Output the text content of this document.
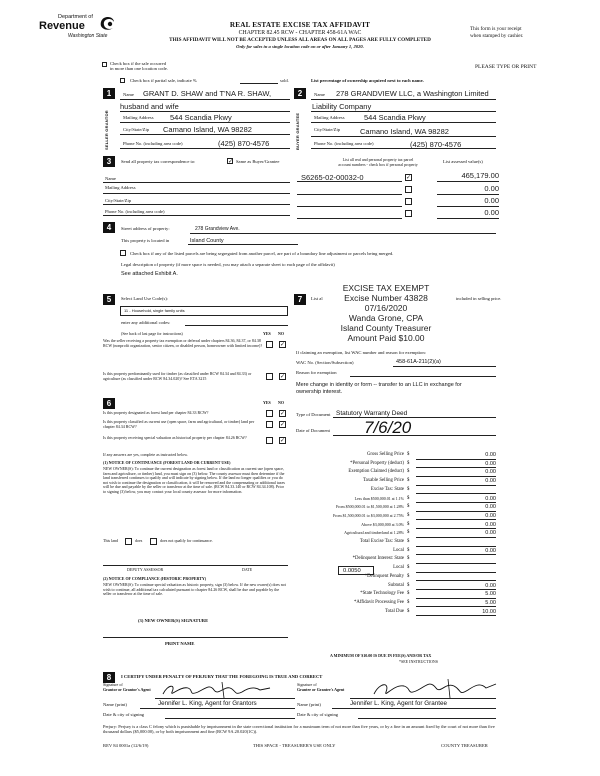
Department of
Revenue
Washington State
REAL ESTATE EXCISE TAX AFFIDAVIT
CHAPTER 82.45 RCW - CHAPTER 458-61A WAC
THIS AFFIDAVIT WILL NOT BE ACCEPTED UNLESS ALL AREAS ON ALL PAGES ARE FULLY COMPLETED
Only for sales in a single location code on or after January 1, 2020.
This form is your receipt
when stamped by cashier.
PLEASE TYPE OR PRINT
Check box if the sale occurred
in more than one location code.
Check box if partial sale, indicate %	sold.	List percentage of ownership acquired next to each name.
1
SELLER GRANTOR
Name GRANT D. SHAW and T'NA R. SHAW,
husband and wife
Mailing Address 544 Scandia Pkwy
City/State/Zip Camano Island, WA 98282
Phone No. (including area code)	(425) 870-4576
2
BUYER GRANTEE
Name 278 GRANDVIEW LLC, a Washington Limited
Liability Company
Mailing Address	544 Scandia Pkwy
City/State/Zip	Camano Island, WA 98282
Phone No. (including area code)	(425) 870-4576
3	Send all property tax correspondence to:	✓ Same as Buyer/Grantee
Name
Mailing Address
City/State/Zip
Phone No. (including area code)
List all real and personal property tax parcel
account numbers - check box if personal property
List assessed value(s)
S6265-02-00032-0	✓	465,179.00
0.00
0.00
0.00
4	Street address of property:	278 Grandview Ave.
This property is located in	Island County
Check box if any of the listed parcels are being segregated from another parcel, are part of a boundary line adjustment or parcels being merged.
Legal description of property (if more space is needed, you may attach a separate sheet to each page of the affidavit)
See attached Exhibit A.
5	Select Land Use Code(s):
11 - Household, single family units
enter any additional codes:
(See back of last page for instructions)	YES NO
Was the seller receiving a property tax exemption or deferral under chapters 84.36, 84.37, or 84.38 RCW (nonprofit organization, senior citizen, or disabled person, homeowner with limited income)?	✓
Is this property predominantly used for timber (as classified under RCW 84.34 and 84.33) or agriculture (as classified under RCW 84.34.020)? See ETA 3215	✓
6	YES NO
Is this property designated as forest land per chapter 84.33 RCW?	✓
Is this property classified as current use (open space, farm and agricultural, or timber) land per chapter 84.34 RCW?	✓
Is this property receiving special valuation as historical property per chapter 84.26 RCW?	✓
If any answers are yes, complete as instructed below.
(1) NOTICE OF CONTINUANCE (FOREST LAND OR CURRENT USE)
NEW OWNER(S): To continue the current designation as forest land or classification as current use (open space, farm and agriculture, or timber) land, you must sign on (3) below. The county assessor must then determine if the land transferred continues to qualify and will indicate by signing below. If the land no longer qualifies or you do not wish to continue the designation or classification, it will be removed and the compensating or additional taxes will be due and payable by the seller or transferor at the time of sale. (RCW 84.33.140 or RCW 84.34.108). Prior to signing (3) below, you may contact your local county assessor for more information.
This land	does	does not qualify for continuance.
DEPUTY ASSESSOR	DATE
(2) NOTICE OF COMPLIANCE (HISTORIC PROPERTY)
NEW OWNER(S): To continue special valuation as historic property, sign (3) below. If the new owner(s) does not wish to continue, all additional tax calculated pursuant to chapter 84.26 RCW, shall be due and payable by the seller or transferor at the time of sale.
(3) NEW OWNER(S) SIGNATURE
PRINT NAME
EXCISE TAX EXEMPT
Excise Number 43828
07/16/2020
Wanda Grone, CPA
Island County Treasurer
Amount Paid $10.00
7	List al	included in selling price.
If claiming an exemption, list WAC number and reason for exemption:
WAC No. (Section/Subsection)	458-61A-211(2)(a)
Reason for exemption
Mere change in identity or form -- transfer to an LLC in exchange for ownership interest.
Type of Document Statutory Warranty Deed
Date of Document 7/6/20
Gross Selling Price $	0.00
*Personal Property (deduct) $	0.00
Exemption Claimed (deduct) $	0.00
Taxable Selling Price $	0.00
Excise Tax: State $
Less than $500,000.01 at 1.1% $	0.00
From $500,000.01 to $1,500,000 at 1.28% $	0.00
From $1,500,000.01 to $3,000,000 at 2.75% $	0.00
Above $3,000,000 at 3.0% $	0.00
Agricultural and timberland at 1.28% $	0.00
Total Excise Tax: State $
Local $	0.00
*Delinquent Interest: State $
Local $
*Delinquent Penalty $
Subtotal $	0.00
*State Technology Fee $	5.00
*Affidavit Processing Fee $	5.00
Total Due $	10.00
0.0050
A MINIMUM OF $10.00 IS DUE IN FEE(S) AND/OR TAX
*SEE INSTRUCTIONS
8	I CERTIFY UNDER PENALTY OF PERJURY THAT THE FOREGOING IS TRUE AND CORRECT
Signature of
Grantor or Grantor's Agent
Signature of
Grantee or Grantee's Agent
Name (print)	Jennifer L. King, Agent for Grantors	Name (print)	Jennifer L. King, Agent for Grantee
Date & city of signing	Date & city of signing
Perjury: Perjury is a class C felony which is punishable by imprisonment in the state correctional institution for a maximum term of not more than five years, or by a fine in an amount fixed by the court of not more than five thousand dollars ($5,000.00), or by both imprisonment and fine (RCW 9A.20.020(1C)).
REV 84 0001a (12/6/19)	THIS SPACE - TREASURER'S USE ONLY	COUNTY TREASURER
